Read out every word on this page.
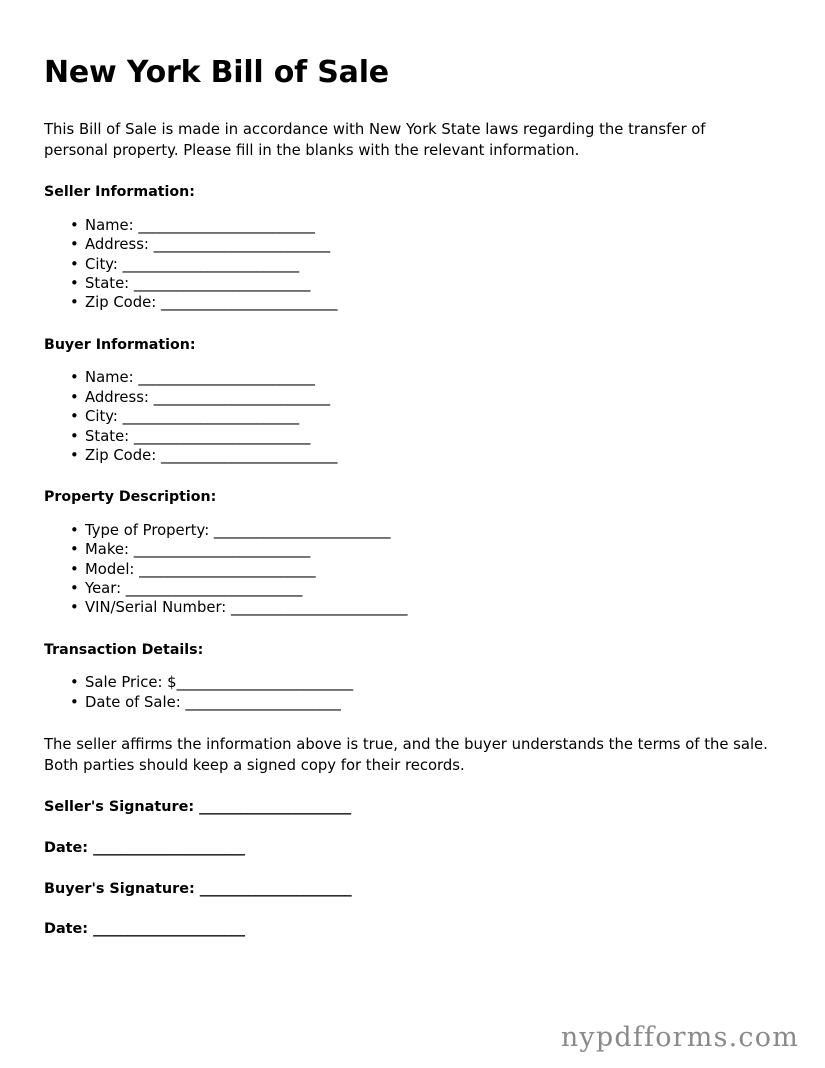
New York Bill of Sale

This Bill of Sale is made in accordance with New York State laws regarding the transfer of personal property. Please fill in the blanks with the relevant information.

Seller Information:
• Name: _________________________
• Address: _________________________
• City: _________________________
• State: _________________________
• Zip Code: _________________________
Buyer Information:
• Name: _________________________
• Address: _________________________
• City: _________________________
• State: _________________________
• Zip Code: _________________________
Property Description:
• Type of Property: _________________________
• Make: _________________________
• Model: _________________________
• Year: _________________________
• VIN/Serial Number: _________________________
Transaction Details:
• Sale Price: $_________________________
• Date of Sale: ______________________

The seller affirms the information above is true, and the buyer understands the terms of the sale. Both parties should keep a signed copy for their records.

Seller's Signature: ______________________
Date: ______________________
Buyer's Signature: ______________________
Date: ______________________
nypdfforms.com
